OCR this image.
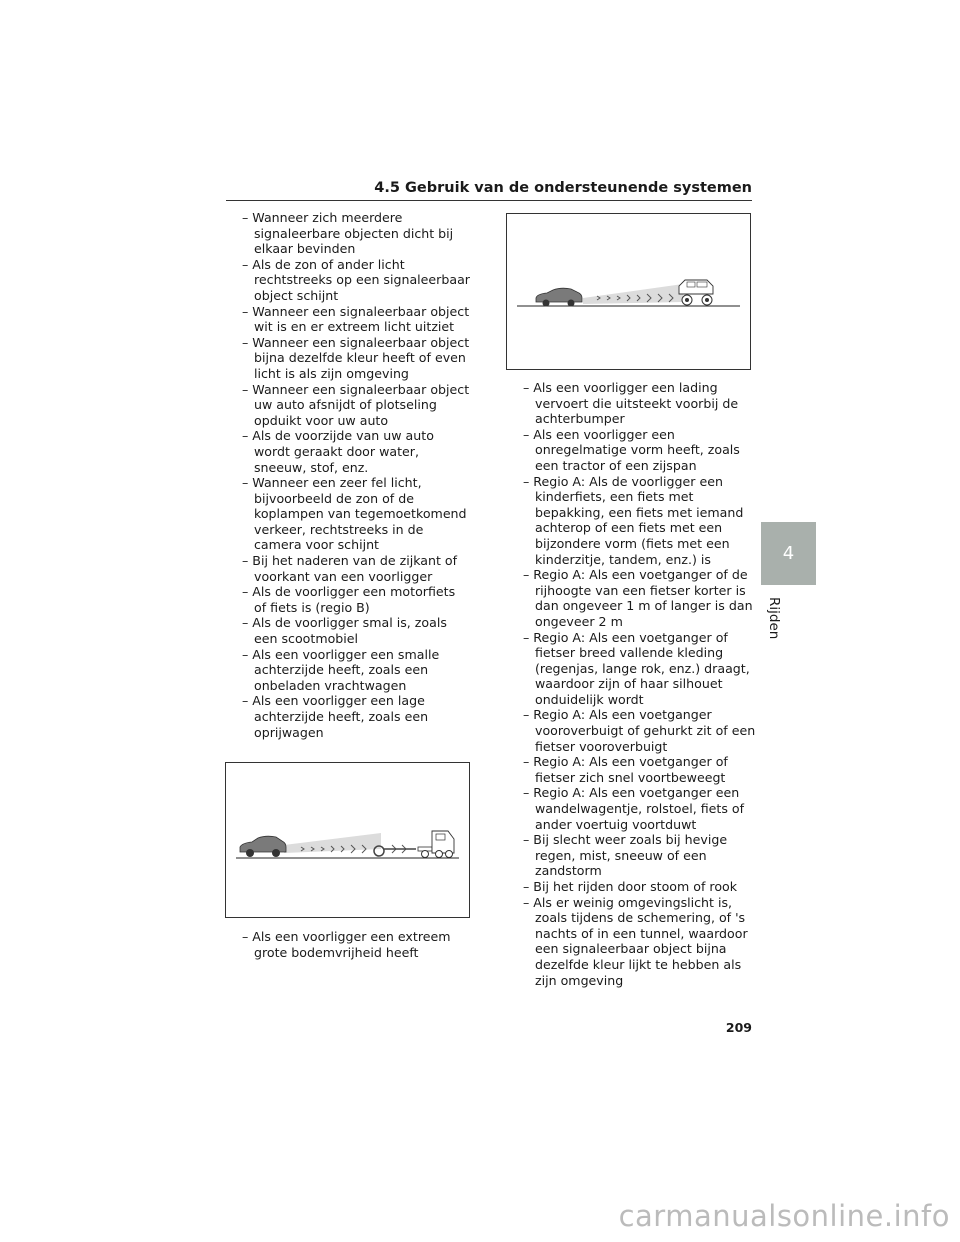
4.5 Gebruik van de ondersteunende systemen
– Wanneer zich meerdere signaleerbare objecten dicht bij elkaar bevinden
– Als de zon of ander licht rechtstreeks op een signaleerbaar object schijnt
– Wanneer een signaleerbaar object wit is en er extreem licht uitziet
– Wanneer een signaleerbaar object bijna dezelfde kleur heeft of even licht is als zijn omgeving
– Wanneer een signaleerbaar object uw auto afsnijdt of plotseling opduikt voor uw auto
– Als de voorzijde van uw auto wordt geraakt door water, sneeuw, stof, enz.
– Wanneer een zeer fel licht, bijvoorbeeld de zon of de koplampen van tegemoetkomend verkeer, rechtstreeks in de camera voor schijnt
– Bij het naderen van de zijkant of voorkant van een voorligger
– Als de voorligger een motorfiets of fiets is (regio B)
– Als de voorligger smal is, zoals een scootmobiel
– Als een voorligger een smalle achterzijde heeft, zoals een onbeladen vrachtwagen
– Als een voorligger een lage achterzijde heeft, zoals een oprijwagen
– Als een voorligger een extreem grote bodemvrijheid heeft
– Als een voorligger een lading vervoert die uitsteekt voorbij de achterbumper
– Als een voorligger een onregelmatige vorm heeft, zoals een tractor of een zijspan
– Regio A: Als de voorligger een kinderfiets, een fiets met bepakking, een fiets met iemand achterop of een fiets met een bijzondere vorm (fiets met een kinderzitje, tandem, enz.) is
– Regio A: Als een voetganger of de rijhoogte van een fietser korter is dan ongeveer 1 m of langer is dan ongeveer 2 m
– Regio A: Als een voetganger of fietser breed vallende kleding (regenjas, lange rok, enz.) draagt, waardoor zijn of haar silhouet onduidelijk wordt
– Regio A: Als een voetganger vooroverbuigt of gehurkt zit of een fietser vooroverbuigt
– Regio A: Als een voetganger of fietser zich snel voortbeweegt
– Regio A: Als een voetganger een wandelwagentje, rolstoel, fiets of ander voertuig voortduwt
– Bij slecht weer zoals bij hevige regen, mist, sneeuw of een zandstorm
– Bij het rijden door stoom of rook
– Als er weinig omgevingslicht is, zoals tijdens de schemering, of 's nachts of in een tunnel, waardoor een signaleerbaar object bijna dezelfde kleur lijkt te hebben als zijn omgeving
4
Rijden
209
carmanualsonline.info
